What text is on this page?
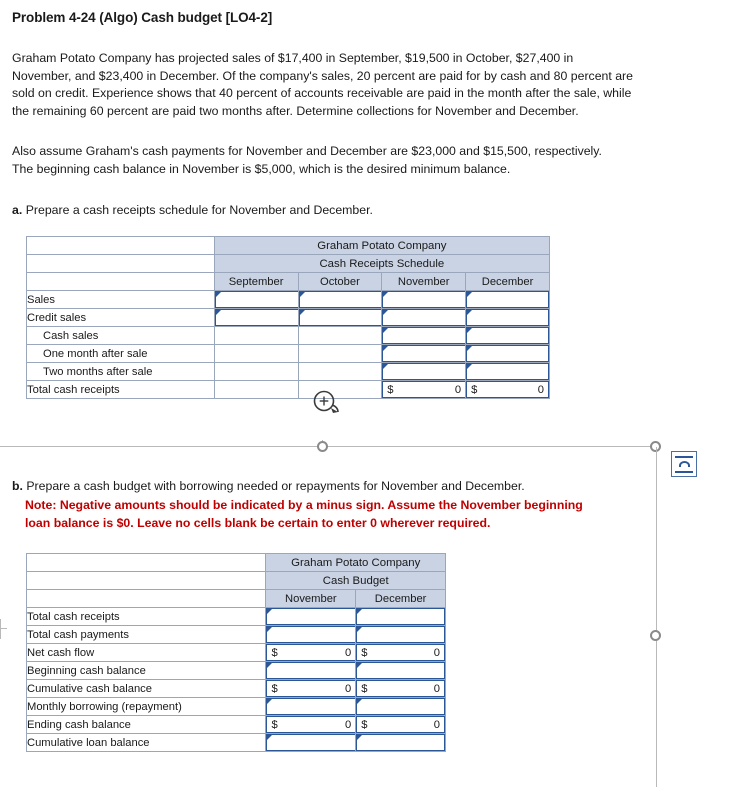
Problem 4-24 (Algo) Cash budget [LO4-2]
Graham Potato Company has projected sales of $17,400 in September, $19,500 in October, $27,400 in November, and $23,400 in December. Of the company's sales, 20 percent are paid for by cash and 80 percent are sold on credit. Experience shows that 40 percent of accounts receivable are paid in the month after the sale, while the remaining 60 percent are paid two months after. Determine collections for November and December.
Also assume Graham's cash payments for November and December are $23,000 and $15,500, respectively. The beginning cash balance in November is $5,000, which is the desired minimum balance.
a. Prepare a cash receipts schedule for November and December.
	Graham Potato Company			
	Cash Receipts Schedule			
	September	October	November	December
Sales	

Credit sales	

Cash sales			

One month after sale			

Two months after sale			

Total cash receipts			$ 0	$ 0
b. Prepare a cash budget with borrowing needed or repayments for November and December.
Note: Negative amounts should be indicated by a minus sign. Assume the November beginning
loan balance is $0. Leave no cells blank be certain to enter 0 wherever required.
	Graham Potato Company	
	Cash Budget	
	November	December
Total cash receipts	

Total cash payments	

Net cash flow	$ 0	$ 0

Beginning cash balance	

Cumulative cash balance	$ 0	$ 0

Monthly borrowing (repayment)	

Ending cash balance	$ 0	$ 0

Cumulative loan balance	
